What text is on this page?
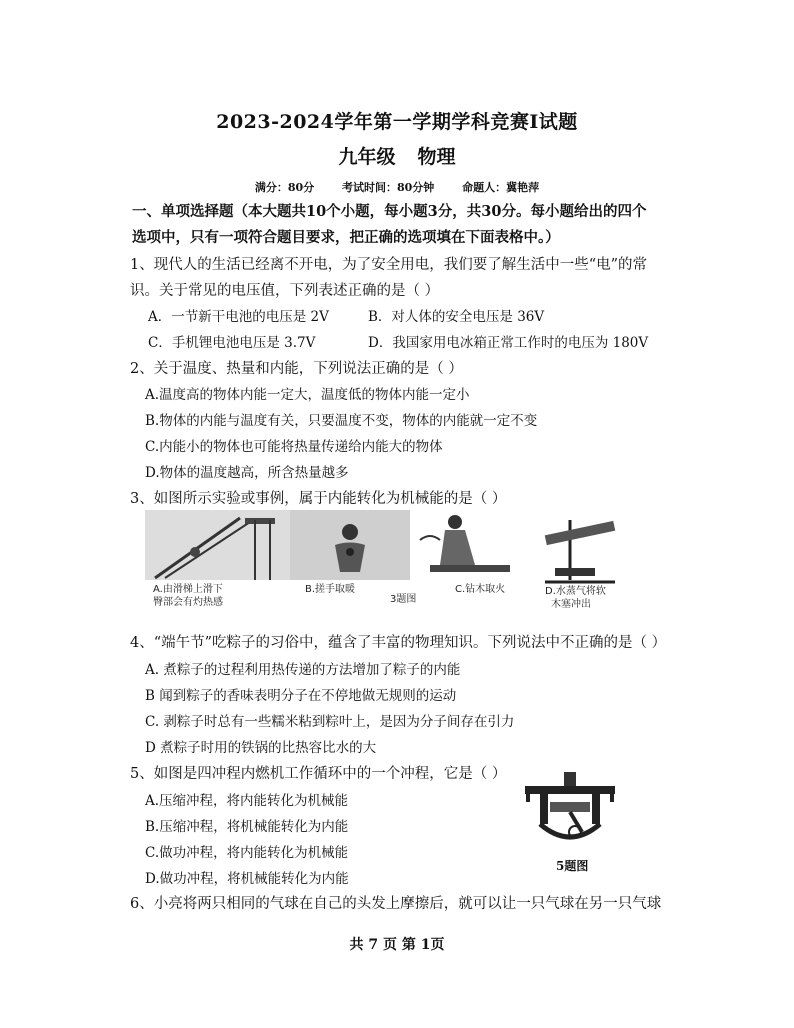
2023-2024学年第一学期学科竞赛Ⅰ试题
九年级 物理
满分：80分	考试时间：80分钟	命题人：冀艳萍
一、单项选择题（本大题共10个小题，每小题3分，共30分。每小题给出的四个
选项中，只有一项符合题目要求，把正确的选项填在下面表格中。）
1、现代人的生活已经离不开电，为了安全用电，我们要了解生活中一些“电”的常
识。关于常见的电压值，下列表述正确的是（ ）
A．一节新干电池的电压是 2V	B．对人体的安全电压是 36V
C．手机锂电池电压是 3.7V	D．我国家用电冰箱正常工作时的电压为 180V
2、关于温度、热量和内能，下列说法正确的是（ ）
A.温度高的物体内能一定大，温度低的物体内能一定小
B.物体的内能与温度有关，只要温度不变，物体的内能就一定不变
C.内能小的物体也可能将热量传递给内能大的物体
D.物体的温度越高，所含热量越多
3、如图所示实验或事例，属于内能转化为机械能的是（ ）
A.由滑梯上滑下
臀部会有灼热感
B.搓手取暖
3题图
C.钻木取火	D.水蒸气将软
木塞冲出
4、“端午节”吃粽子的习俗中，蕴含了丰富的物理知识。下列说法中不正确的是（ ）
A. 煮粽子的过程利用热传递的方法增加了粽子的内能
B 闻到粽子的香味表明分子在不停地做无规则的运动
C. 剥粽子时总有一些糯米粘到粽叶上，是因为分子间存在引力
D 煮粽子时用的铁锅的比热容比水的大
5、如图是四冲程内燃机工作循环中的一个冲程，它是（ ）
A.压缩冲程，将内能转化为机械能
B.压缩冲程，将机械能转化为内能
C.做功冲程，将内能转化为机械能
D.做功冲程，将机械能转化为内能
5题图
6、小亮将两只相同的气球在自己的头发上摩擦后，就可以让一只气球在另一只气球
共 7 页 第 1页
